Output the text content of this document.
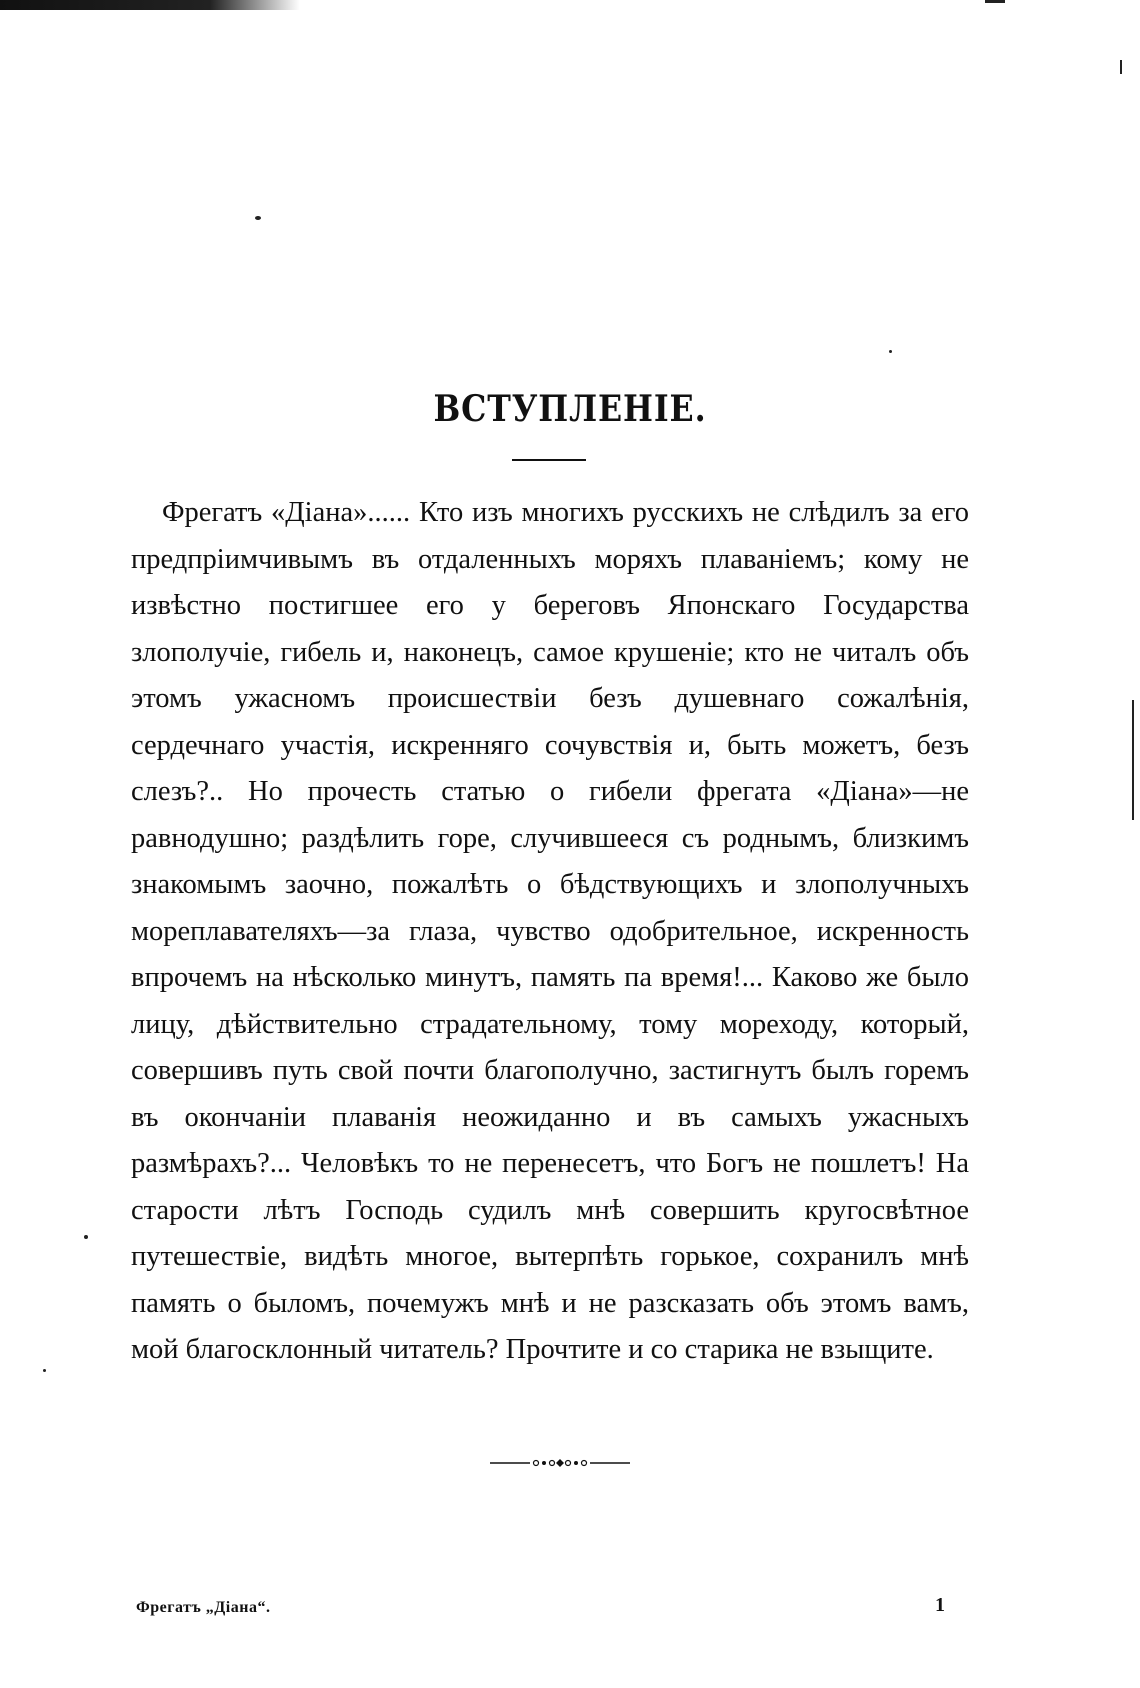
ВСТУПЛЕНІЕ.

Фрегатъ «Діана»...... Кто изъ многихъ русскихъ не слѣдилъ за его предпріимчивымъ въ отдаленныхъ моряхъ плаваніемъ; кому не извѣстно постигшее его у береговъ Японскаго Государства злополучіе, гибель и, наконецъ, самое крушеніе; кто не читалъ объ этомъ ужасномъ происшествіи безъ душевнаго сожалѣнія, сердечнаго участія, искренняго сочувствія и, быть можетъ, безъ слезъ?.. Но прочесть статью о гибели фрегата «Діана»—не равнодушно; раздѣлить горе, случившееся съ роднымъ, близкимъ знакомымъ заочно, пожалѣть о бѣдствующихъ и злополучныхъ мореплавателяхъ—за глаза, чувство одобрительное, искренность впрочемъ на нѣсколько минутъ, память па время!... Каково же было лицу, дѣйствительно страдательному, тому мореходу, который, совершивъ путь свой почти благополучно, застигнутъ былъ горемъ въ окончаніи плаванія неожиданно и въ самыхъ ужасныхъ размѣрахъ?... Человѣкъ то не перенесетъ, что Богъ не пошлетъ! На старости лѣтъ Господь судилъ мнѣ совершить кругосвѣтное путешествіе, видѣть многое, вытерпѣть горькое, сохранилъ мнѣ память о быломъ, почемужъ мнѣ и не разсказать объ этомъ вамъ, мой благосклонный читатель? Прочтите и со старика не взыщите.

Фрегатъ „Діана“.	1
